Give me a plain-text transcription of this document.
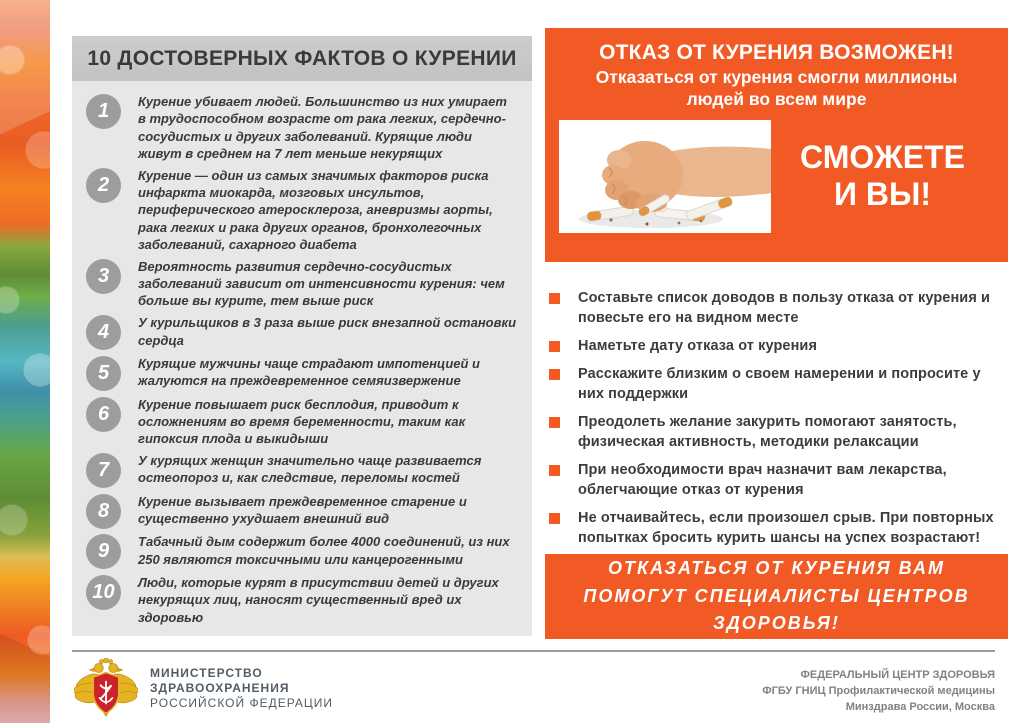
10 ДОСТОВЕРНЫХ ФАКТОВ О КУРЕНИИ
1	Курение убивает людей. Большинство из них умирает в трудоспособном возрасте от рака легких, сердечно-сосудистых и других заболеваний. Курящие люди живут в среднем на 7 лет меньше некурящих
2	Курение — один из самых значимых факторов риска инфаркта миокарда, мозговых инсультов, периферического атеросклероза, аневризмы аорты, рака легких и рака других органов, бронхолегочных заболеваний, сахарного диабета
3	Вероятность развития сердечно-сосудистых заболеваний зависит от интенсивности курения: чем больше вы курите, тем выше риск
4	У курильщиков в 3 раза выше риск внезапной остановки сердца
5	Курящие мужчины чаще страдают импотенцией и жалуются на преждевременное семяизвержение
6	Курение повышает риск бесплодия, приводит к осложнениям во время беременности, таким как гипоксия плода и выкидыши
7	У курящих женщин значительно чаще развивается остеопороз и, как следствие, переломы костей
8	Курение вызывает преждевременное старение и существенно ухудшает внешний вид
9	Табачный дым содержит более 4000 соединений, из них 250 являются токсичными или канцерогенными
10	Люди, которые курят в присутствии детей и других некурящих лиц, наносят существенный вред их здоровью
ОТКАЗ ОТ КУРЕНИЯ ВОЗМОЖЕН!
Отказаться от курения смогли миллионы людей во всем мире
СМОЖЕТЕ И ВЫ!
Составьте список доводов в пользу отказа от курения и повесьте его на видном месте
Наметьте дату отказа от курения
Расскажите близким о своем намерении и попросите у них поддержки
Преодолеть желание закурить помогают занятость, физическая активность, методики релаксации
При необходимости врач назначит вам лекарства, облегчающие отказ от курения
Не отчаивайтесь, если произошел срыв. При повторных попытках бросить курить шансы на успех возрастают!
ОТКАЗАТЬСЯ ОТ КУРЕНИЯ ВАМ ПОМОГУТ СПЕЦИАЛИСТЫ ЦЕНТРОВ ЗДОРОВЬЯ!
МИНИСТЕРСТВО
ЗДРАВООХРАНЕНИЯ
РОССИЙСКОЙ ФЕДЕРАЦИИ
ФЕДЕРАЛЬНЫЙ ЦЕНТР ЗДОРОВЬЯ
ФГБУ ГНИЦ Профилактической медицины
Минздрава России, Москва
